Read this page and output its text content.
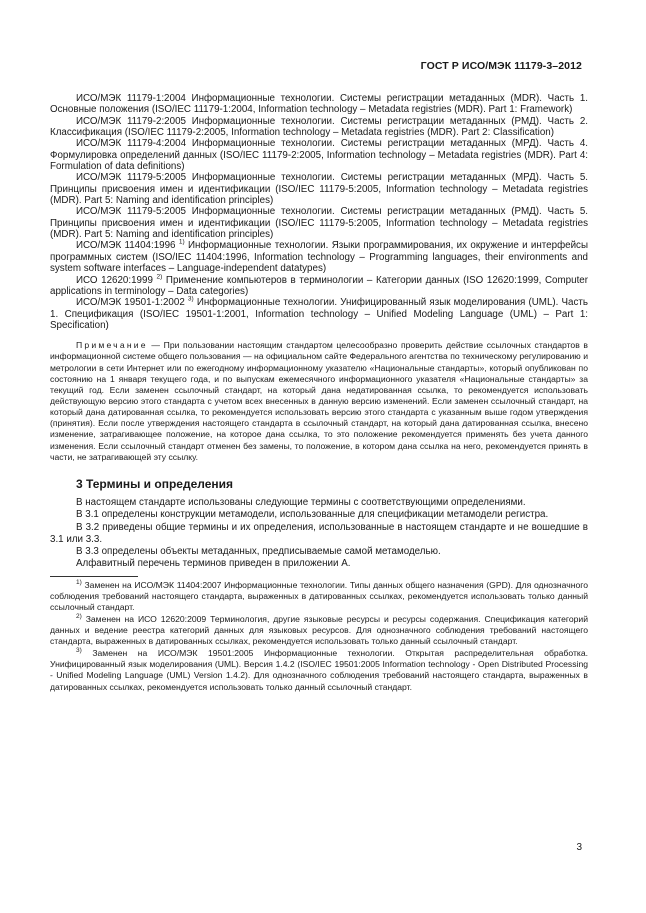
ГОСТ Р ИСО/МЭК 11179-3–2012

ИСО/МЭК 11179-1:2004 Информационные технологии. Системы регистрации метаданных (MDR). Часть 1. Основные положения (ISO/IEC 11179-1:2004, Information technology – Metadata registries (MDR). Part 1: Framework)

ИСО/МЭК 11179-2:2005 Информационные технологии. Системы регистрации метаданных (РМД). Часть 2. Классификация (ISO/IEC 11179-2:2005, Information technology – Metadata registries (MDR). Part 2: Classification)

ИСО/МЭК 11179-4:2004 Информационные технологии. Системы регистрации метаданных (МРД). Часть 4. Формулировка определений данных (ISO/IEC 11179-2:2005, Information technology – Metadata registries (MDR). Part 4: Formulation of data definitions)

ИСО/МЭК 11179-5:2005 Информационные технологии. Системы регистрации метаданных (МРД). Часть 5. Принципы присвоения имен и идентификации (ISO/IEC 11179-5:2005, Information technology – Metadata registries (MDR). Part 5: Naming and identification principles)

ИСО/МЭК 11179-5:2005 Информационные технологии. Системы регистрации метаданных (РМД). Часть 5. Принципы присвоения имен и идентификации (ISO/IEC 11179-5:2005, Information technology – Metadata registries (MDR). Part 5: Naming and identification principles)

ИСО/МЭК 11404:1996 $^{1)}$ Информационные технологии. Языки программирования, их окружение и интерфейсы программных систем (ISO/IEC 11404:1996, Information technology – Programming languages, their environments and system software interfaces – Language-independent datatypes)

ИСО 12620:1999 $^{2)}$ Применение компьютеров в терминологии – Категории данных (ISO 12620:1999, Computer applications in terminology – Data categories)

ИСО/МЭК 19501-1:2002 $^{3)}$ Информационные технологии. Унифицированный язык моделирования (UML). Часть 1. Спецификация (ISO/IEC 19501-1:2001, Information technology – Unified Modeling Language (UML) – Part 1: Specification)

Примечание — При пользовании настоящим стандартом целесообразно проверить действие ссылочных стандартов в информационной системе общего пользования — на официальном сайте Федерального агентства по техническому регулированию и метрологии в сети Интернет или по ежегодному информационному указателю «Национальные стандарты», который опубликован по состоянию на 1 января текущего года, и по выпускам ежемесячного информационного указателя «Национальные стандарты» за текущий год. Если заменен ссылочный стандарт, на который дана недатированная ссылка, то рекомендуется использовать действующую версию этого стандарта с учетом всех внесенных в данную версию изменений. Если заменен ссылочный стандарт, на который дана датированная ссылка, то рекомендуется использовать версию этого стандарта с указанным выше годом утверждения (принятия). Если после утверждения настоящего стандарта в ссылочный стандарт, на который дана датированная ссылка, внесено изменение, затрагивающее положение, на которое дана ссылка, то это положение рекомендуется применять без учета данного изменения. Если ссылочный стандарт отменен без замены, то положение, в котором дана ссылка на него, рекомендуется принять в части, не затрагивающей эту ссылку.

3 Термины и определения

В настоящем стандарте использованы следующие термины с соответствующими определениями.

В 3.1 определены конструкции метамодели, использованные для спецификации метамодели регистра.

В 3.2 приведены общие термины и их определения, использованные в настоящем стандарте и не вошедшие в 3.1 или 3.3.

В 3.3 определены объекты метаданных, предписываемые самой метамоделью.

Алфавитный перечень терминов приведен в приложении А.

$^{1)}$ Заменен на ИСО/МЭК 11404:2007 Информационные технологии. Типы данных общего назначения (GPD). Для однозначного соблюдения требований настоящего стандарта, выраженных в датированных ссылках, рекомендуется использовать только данный ссылочный стандарт.

$^{2)}$ Заменен на ИСО 12620:2009 Терминология, другие языковые ресурсы и ресурсы содержания. Спецификация категорий данных и ведение реестра категорий данных для языковых ресурсов. Для однозначного соблюдения требований настоящего стандарта, выраженных в датированных ссылках, рекомендуется использовать только данный ссылочный стандарт.

$^{3)}$ Заменен на ИСО/МЭК 19501:2005 Информационные технологии. Открытая распределительная обработка. Унифицированный язык моделирования (UML). Версия 1.4.2 (ISO/IEC 19501:2005 Information technology - Open Distributed Processing - Unified Modeling Language (UML) Version 1.4.2). Для однозначного соблюдения требований настоящего стандарта, выраженных в датированных ссылках, рекомендуется использовать только данный ссылочный стандарт.

3
